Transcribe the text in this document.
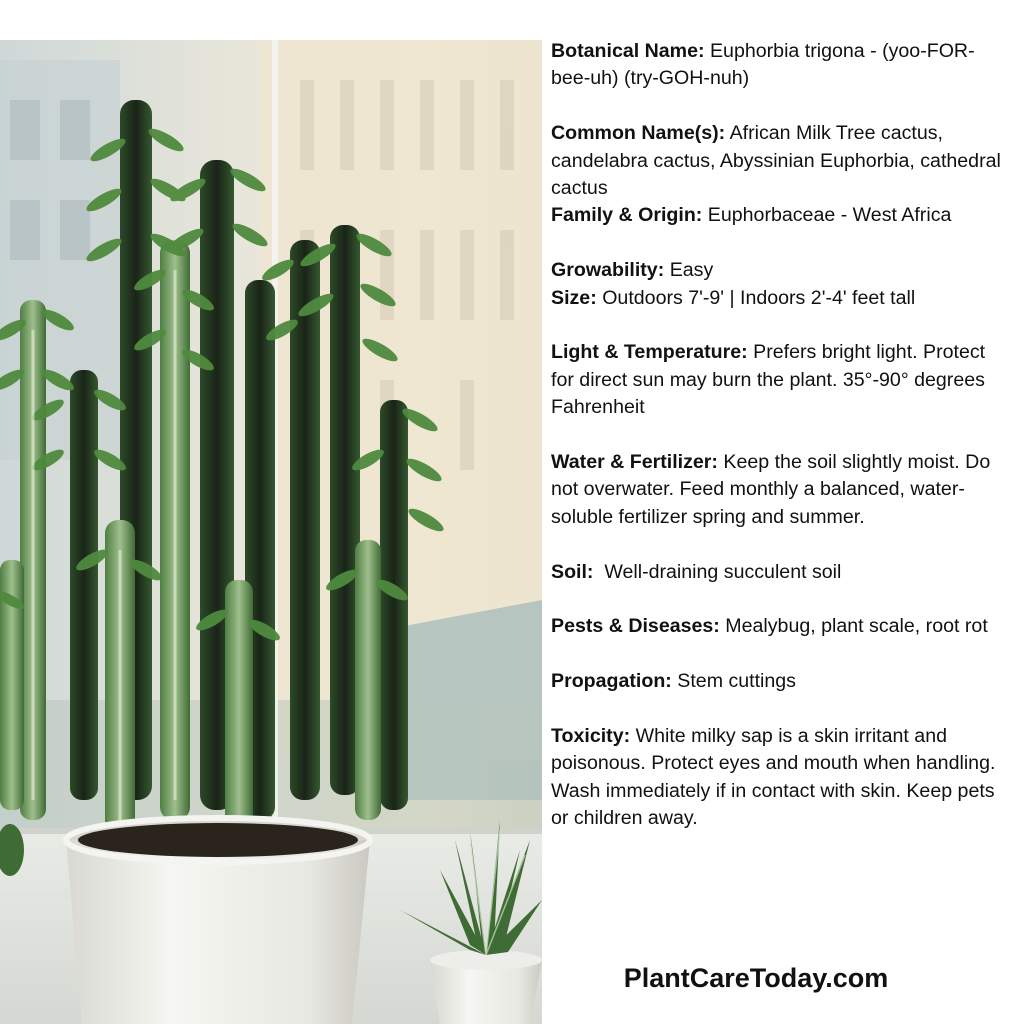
Botanical Name: Euphorbia trigona - (yoo-FOR-bee-uh) (try-GOH-nuh)

Common Name(s): African Milk Tree cactus, candelabra cactus, Abyssinian Euphorbia, cathedral cactus

Family & Origin: Euphorbaceae - West Africa

Growability: Easy

Size: Outdoors 7'-9' | Indoors 2'-4' feet tall

Light & Temperature: Prefers bright light. Protect for direct sun may burn the plant. 35°-90° degrees Fahrenheit

Water & Fertilizer: Keep the soil slightly moist. Do not overwater. Feed monthly a balanced, water-soluble fertilizer spring and summer.

Soil: Well-draining succulent soil

Pests & Diseases: Mealybug, plant scale, root rot

Propagation: Stem cuttings

Toxicity: White milky sap is a skin irritant and poisonous. Protect eyes and mouth when handling. Wash immediately if in contact with skin. Keep pets or children away.

PlantCareToday.com
